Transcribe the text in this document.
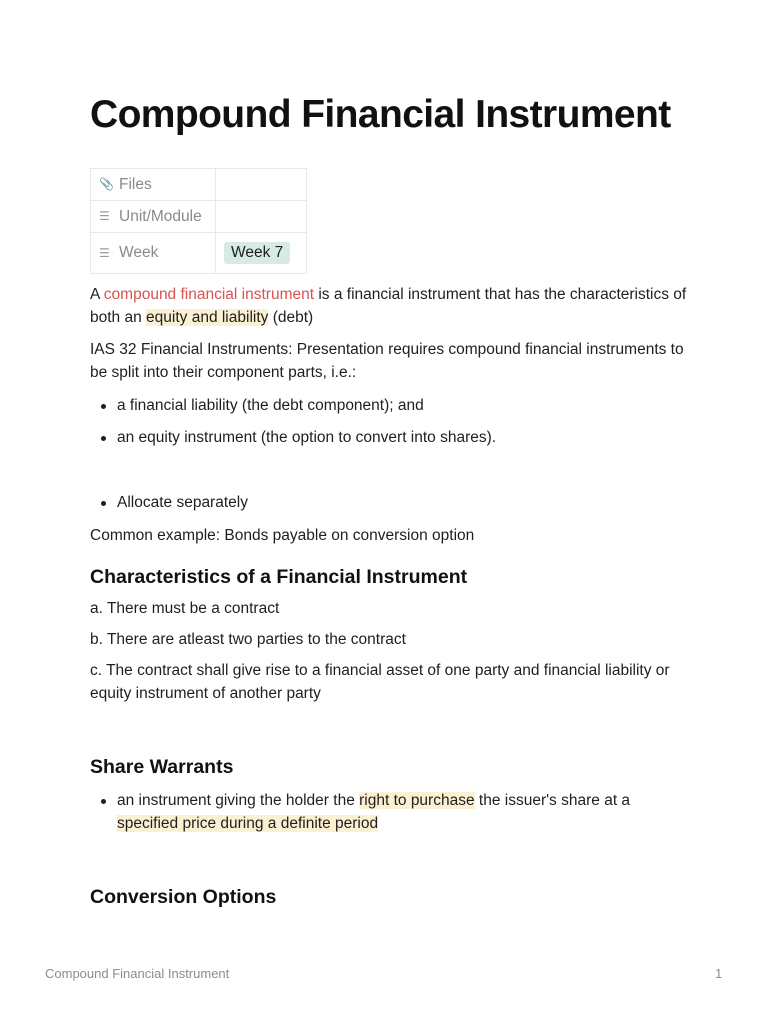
Compound Financial Instrument
📎 Files	
☰ Unit/Module	
☰ Week	Week 7

A compound financial instrument is a financial instrument that has the characteristics of both an equity and liability (debt)

IAS 32 Financial Instruments: Presentation requires compound financial instruments to be split into their component parts, i.e.:

a financial liability (the debt component); and
an equity instrument (the option to convert into shares).
Allocate separately

Common example: Bonds payable on conversion option

Characteristics of a Financial Instrument

a. There must be a contract

b. There are atleast two parties to the contract

c. The contract shall give rise to a financial asset of one party and financial liability or equity instrument of another party

Share Warrants
an instrument giving the holder the right to purchase the issuer's share at a specified price during a definite period
Conversion Options
Compound Financial Instrument	1
